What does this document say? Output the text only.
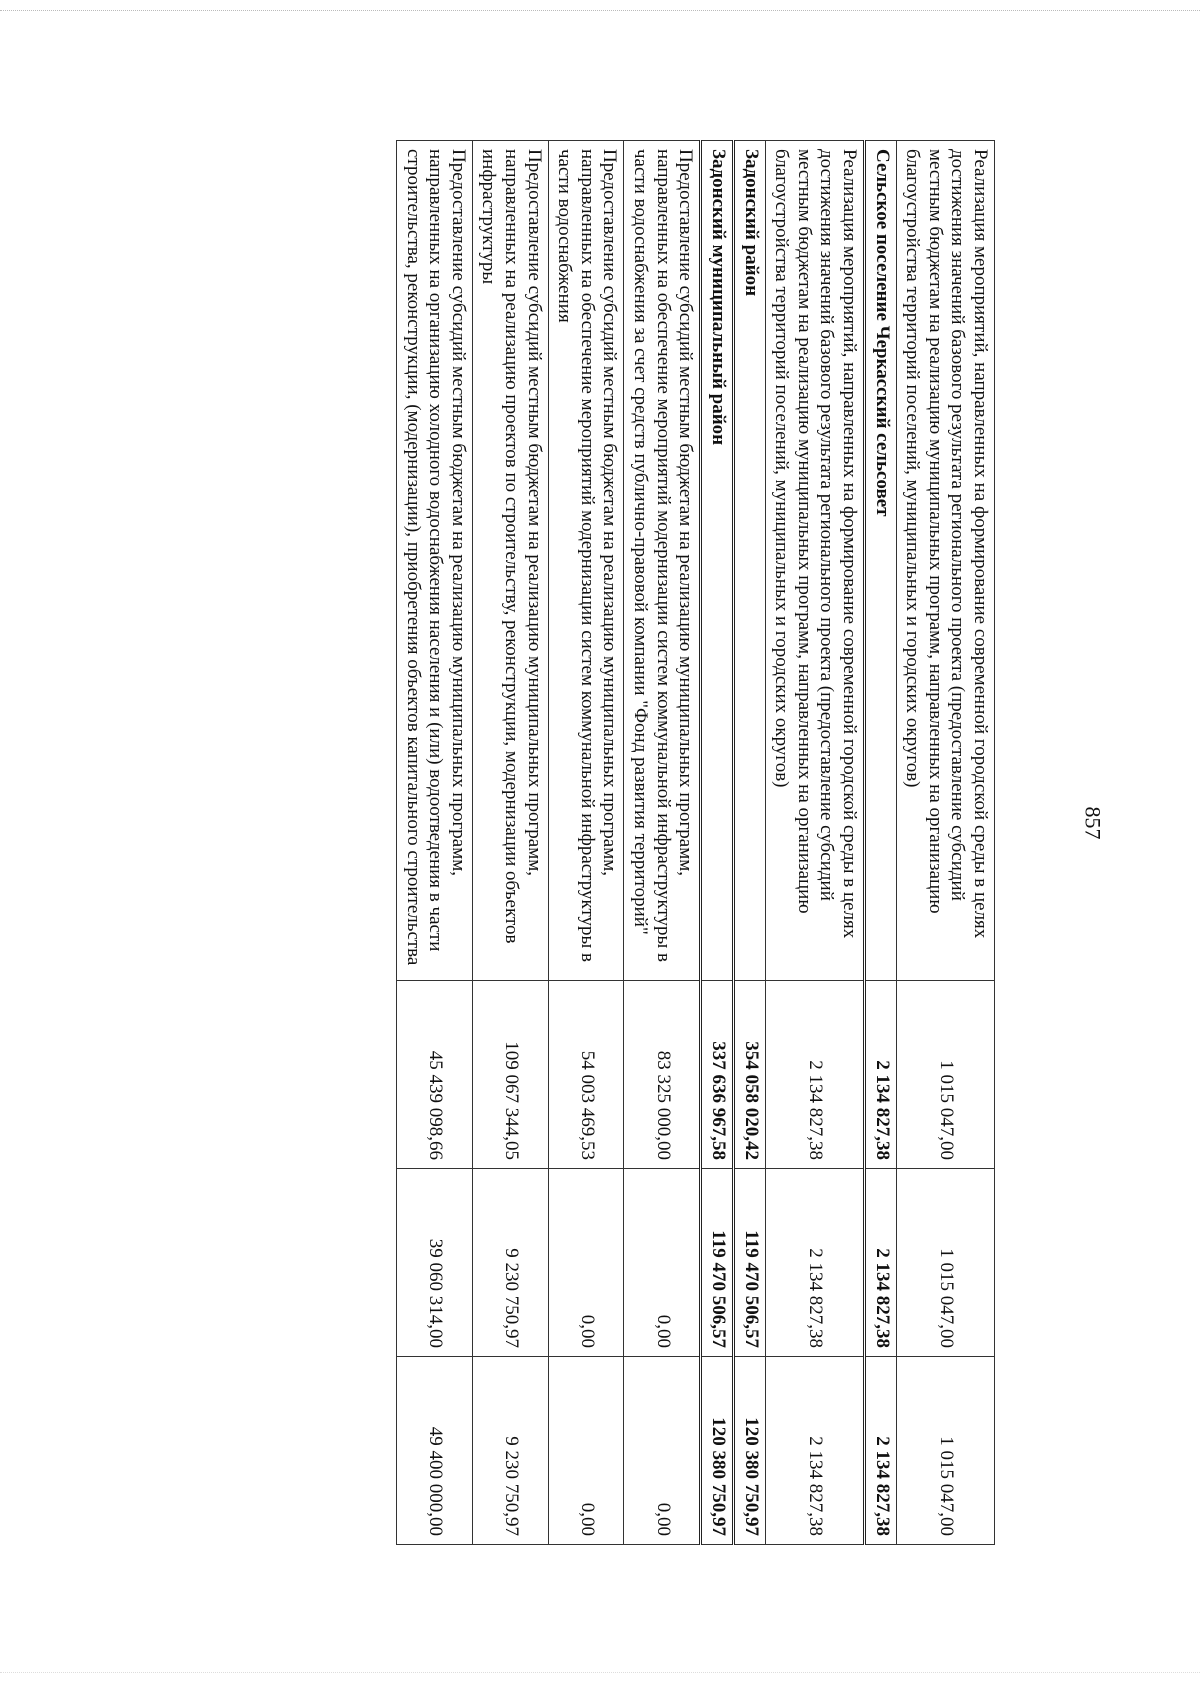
857
Реализация мероприятий, направленных на формирование современной городской среды в целях достижения значений базового результата регионального проекта (предоставление субсидий местным бюджетам на реализацию муниципальных программ, направленных на организацию благоустройства территорий поселений, муниципальных и городских округов)	1 015 047,00	1 015 047,00	1 015 047,00
Сельское поселение Черкасский сельсовет	2 134 827,38	2 134 827,38	2 134 827,38
Реализация мероприятий, направленных на формирование современной городской среды в целях достижения значений базового результата регионального проекта (предоставление субсидий местным бюджетам на реализацию муниципальных программ, направленных на организацию благоустройства территорий поселений, муниципальных и городских округов)	2 134 827,38	2 134 827,38	2 134 827,38
Задонский район	354 058 020,42	119 470 506,57	120 380 750,97
Задонский муниципальный район	337 636 967,58	119 470 506,57	120 380 750,97
Предоставление субсидий местным бюджетам на реализацию муниципальных программ, направленных на обеспечение мероприятий модернизации систем коммунальной инфраструктуры в части водоснабжения за счет средств публично-правовой компании "Фонд развития территорий"	83 325 000,00	0,00	0,00
Предоставление субсидий местным бюджетам на реализацию муниципальных программ, направленных на обеспечение мероприятий модернизации систем коммунальной инфраструктуры в части водоснабжения	54 003 469,53	0,00	0,00
Предоставление субсидий местным бюджетам на реализацию муниципальных программ, направленных на реализацию проектов по строительству, реконструкции, модернизации объектов инфраструктуры	109 067 344,05	9 230 750,97	9 230 750,97
Предоставление субсидий местным бюджетам на реализацию муниципальных программ, направленных на организацию холодного водоснабжения населения и (или) водоотведения в части строительства, реконструкции, (модернизации), приобретения объектов капитального строительства	45 439 098,66	39 060 314,00	49 400 000,00
